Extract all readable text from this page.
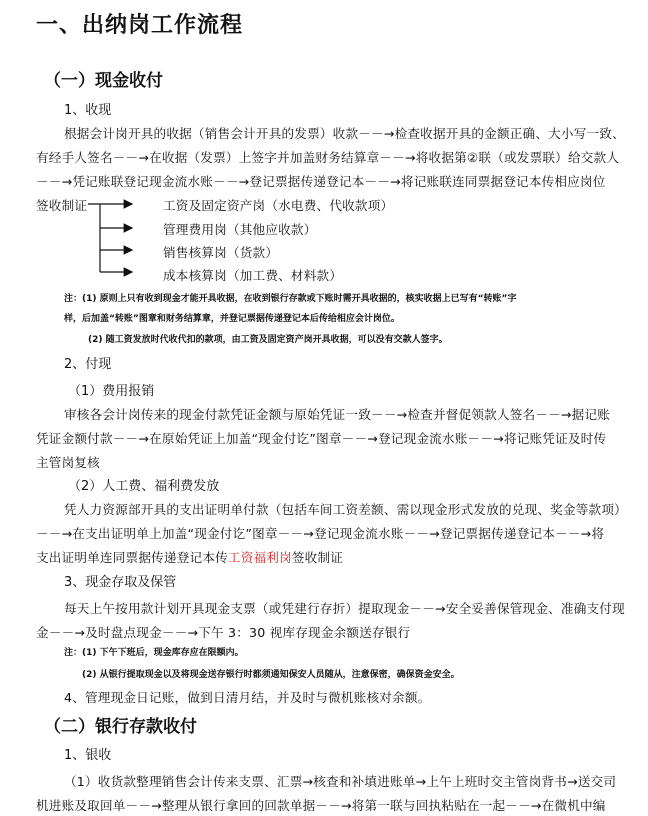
一、出纳岗工作流程
（一）现金收付
1、收现
根据会计岗开具的收据（销售会计开具的发票）收款－－→检查收据开具的金额正确、大小写一致、
有经手人签名－－→在收据（发票）上签字并加盖财务结算章－－→将收据第②联（或发票联）给交款人
－－→凭记账联登记现金流水账－－→登记票据传递登记本－－→将记账联连同票据登记本传相应岗位
签收制证	工资及固定资产岗（水电费、代收款项）
管理费用岗（其他应收款）
销售核算岗（货款）
成本核算岗（加工费、材料款）
注：(1) 原则上只有收到现金才能开具收据，在收到银行存款或下账时需开具收据的，核实收据上已写有“转账”字
样，后加盖“转账”图章和财务结算章，并登记票据传递登记本后传给相应会计岗位。
(2) 随工资发放时代收代扣的款项，由工资及固定资产岗开具收据，可以没有交款人签字。
2、付现
（1）费用报销
审核各会计岗传来的现金付款凭证金额与原始凭证一致－－→检查并督促领款人签名－－→据记账
凭证金额付款－－→在原始凭证上加盖“现金付讫”图章－－→登记现金流水账－－→将记账凭证及时传
主管岗复核
（2）人工费、福利费发放
凭人力资源部开具的支出证明单付款（包括车间工资差额、需以现金形式发放的兑现、奖金等款项）
－－→在支出证明单上加盖“现金付讫”图章－－→登记现金流水账－－→登记票据传递登记本－－→将
支出证明单连同票据传递登记本传工资福利岗签收制证
3、现金存取及保管
每天上午按用款计划开具现金支票（或凭建行存折）提取现金－－→安全妥善保管现金、准确支付现
金－－→及时盘点现金－－→下午 3：30 视库存现金余额送存银行
注：(1) 下午下班后，现金库存应在限额内。
(2) 从银行提取现金以及将现金送存银行时都须通知保安人员随从，注意保密，确保资金安全。
4、管理现金日记账，做到日清月结，并及时与微机账核对余额。
（二）银行存款收付
1、银收
（1）收货款整理销售会计传来支票、汇票→核查和补填进账单→上午上班时交主管岗背书→送交司
机进账及取回单－－→整理从银行拿回的回款单据－－→将第一联与回执粘贴在一起－－→在微机中编
